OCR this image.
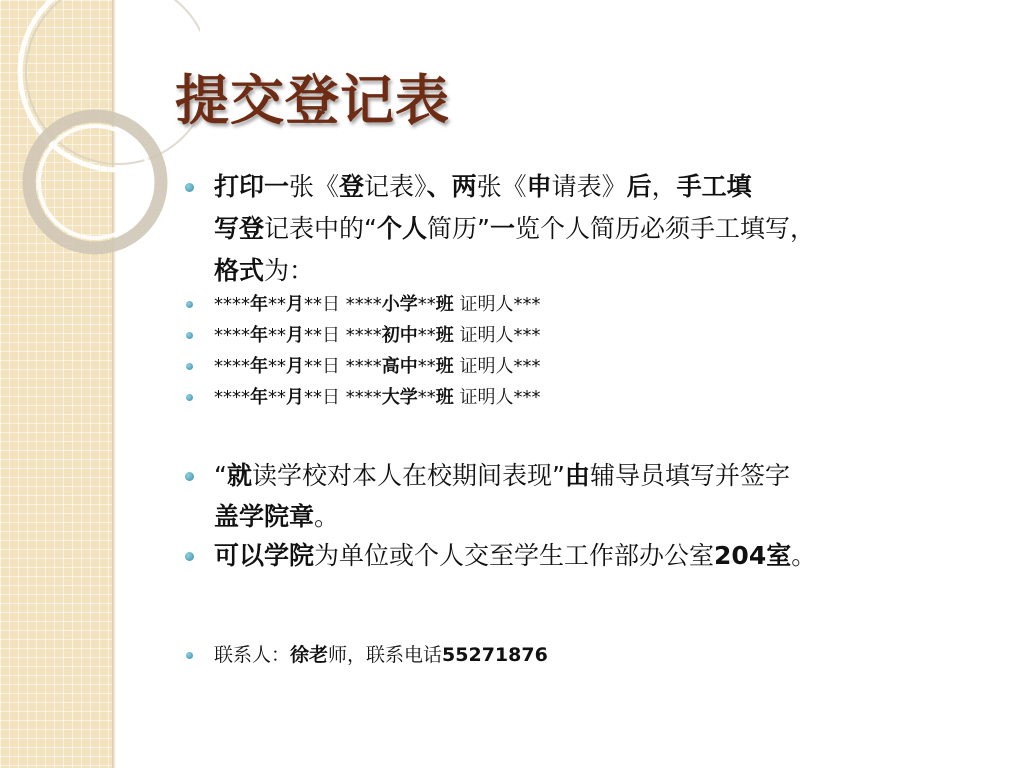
提交登记表
打印一张《登记表》、两张《申请表》后，手工填
写登记表中的“个人简历”一览个人简历必须手工填写，
格式为：
****年**月**日 ****小学**班 证明人***
****年**月**日 ****初中**班 证明人***
****年**月**日 ****高中**班 证明人***
****年**月**日 ****大学**班 证明人***
“就读学校对本人在校期间表现”由辅导员填写并签字
盖学院章。
可以学院为单位或个人交至学生工作部办公室204室。
联系人：徐老师，联系电话55271876
